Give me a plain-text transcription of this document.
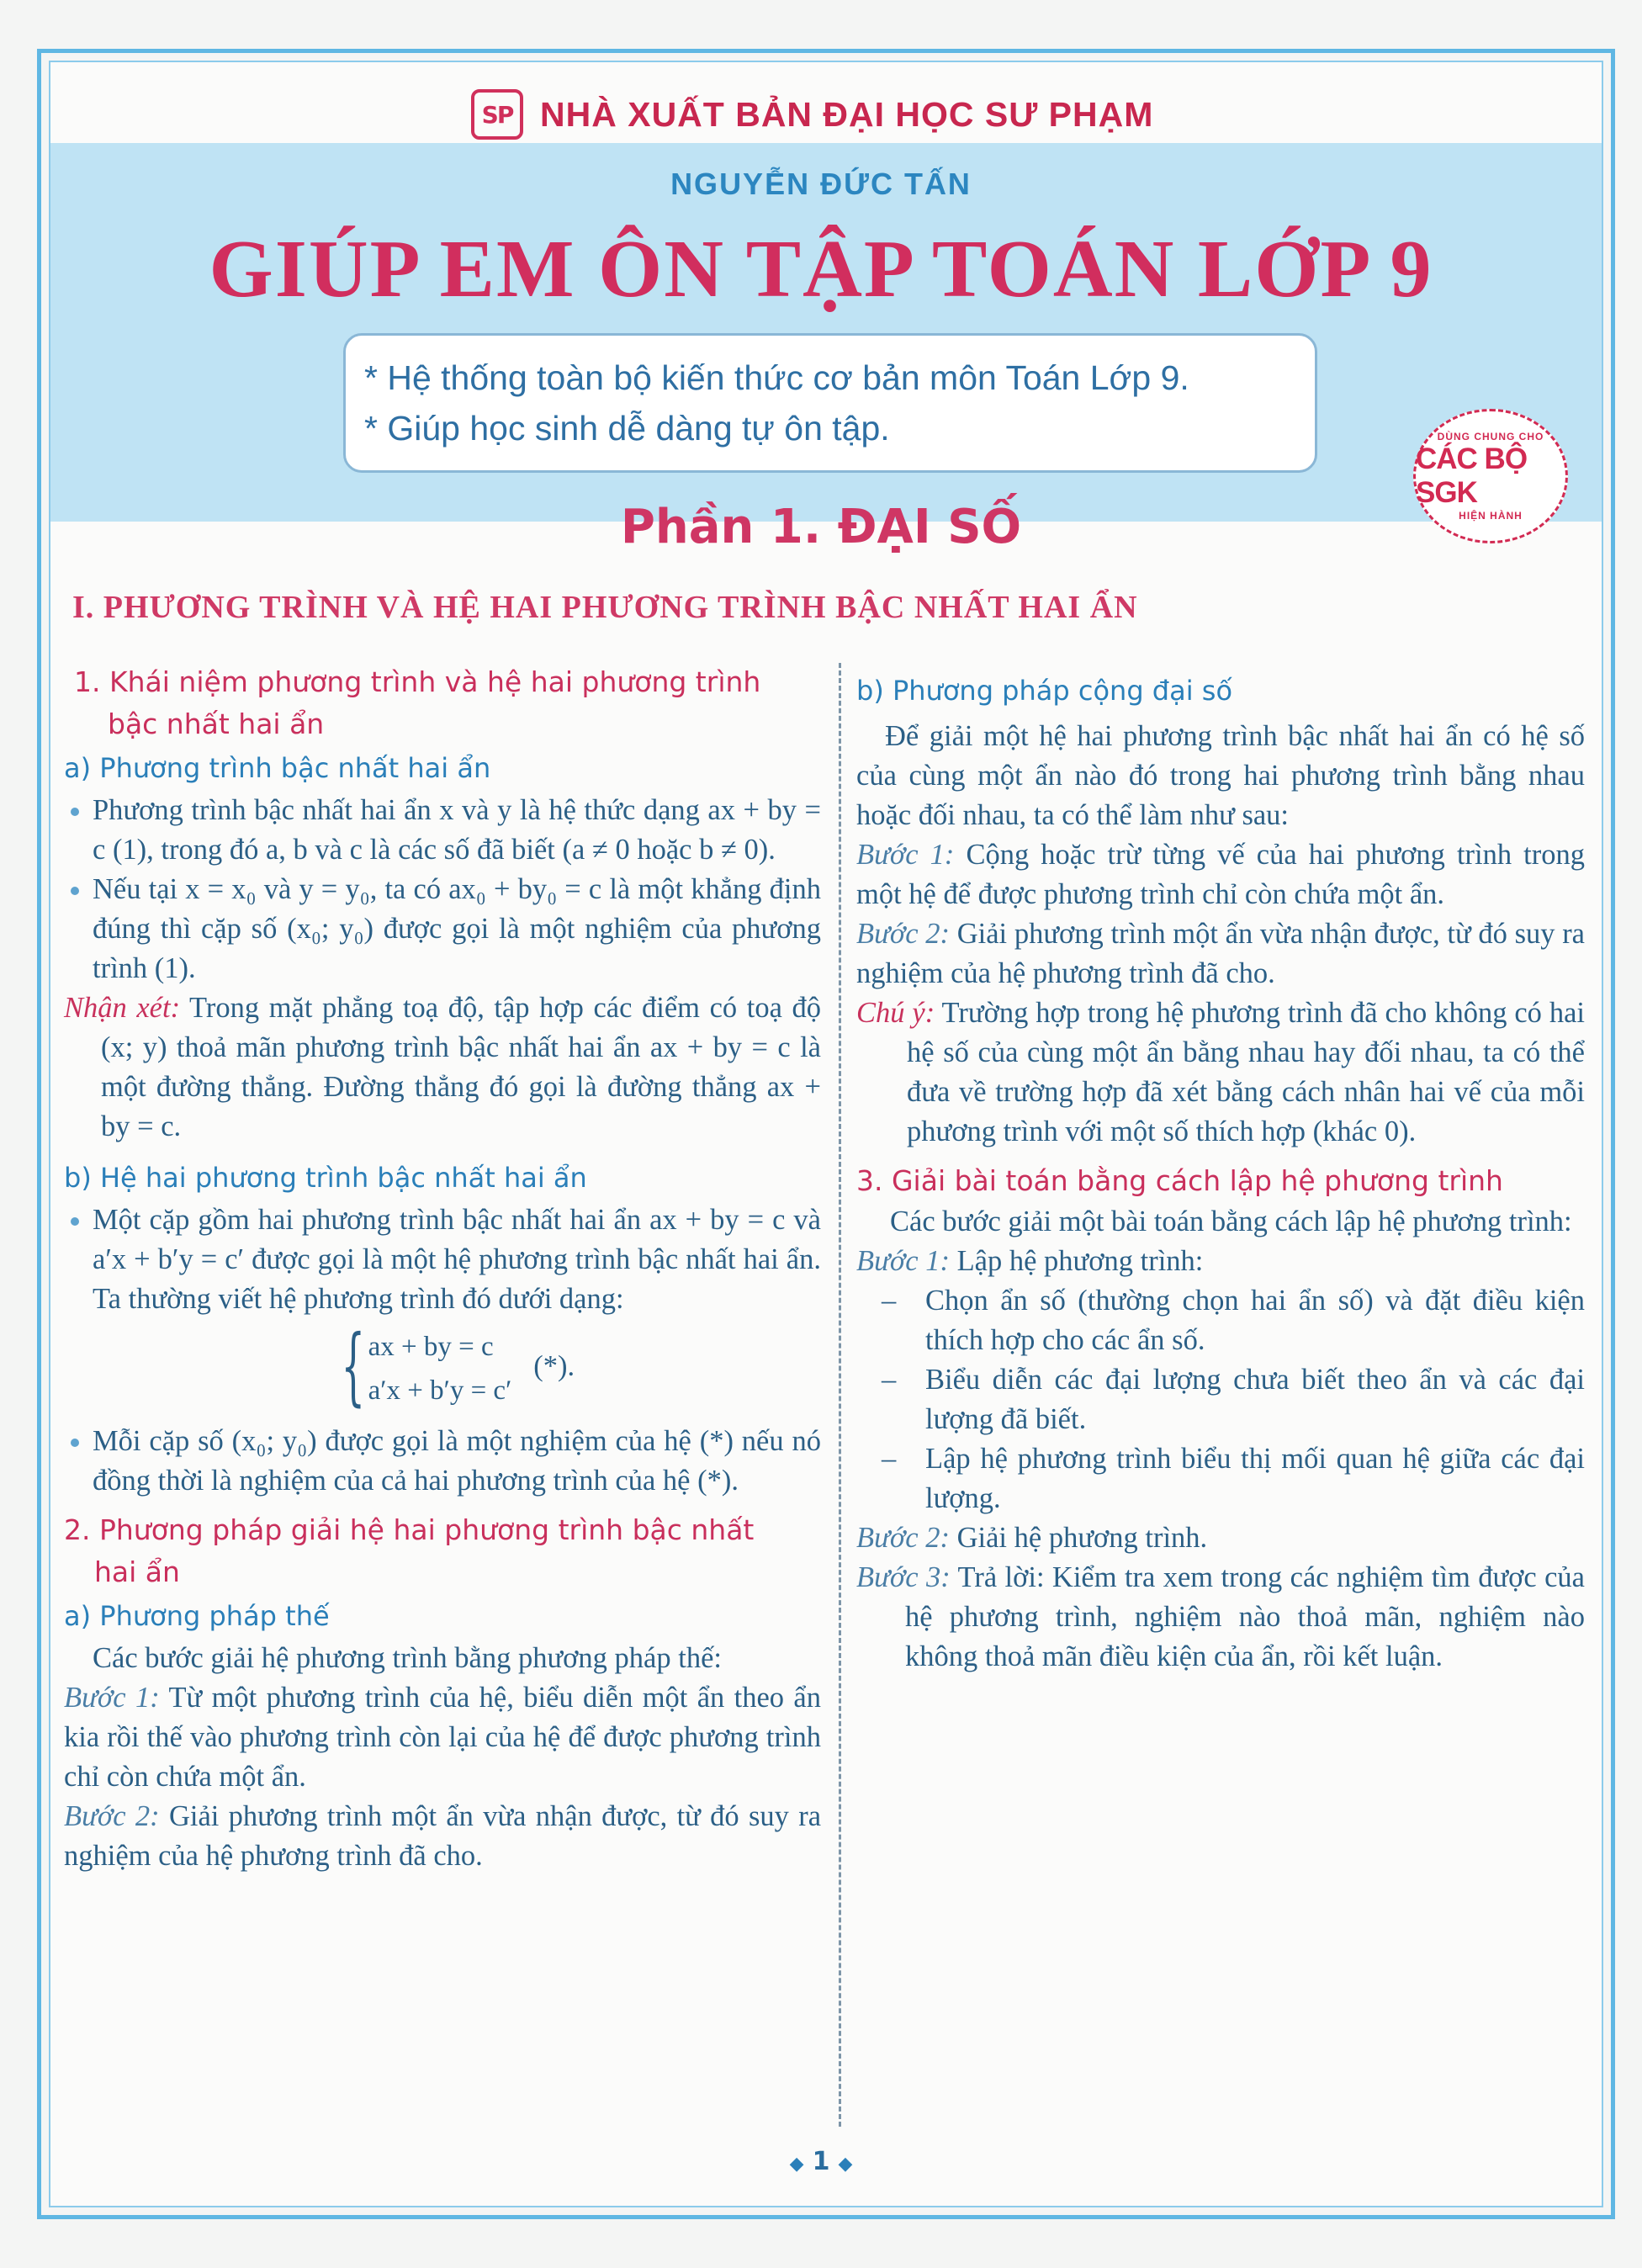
SP NHÀ XUẤT BẢN ĐẠI HỌC SƯ PHẠM
NGUYỄN ĐỨC TẤN
GIÚP EM ÔN TẬP TOÁN LỚP 9
* Hệ thống toàn bộ kiến thức cơ bản môn Toán Lớp 9.
* Giúp học sinh dễ dàng tự ôn tập.	DÙNG CHUNG CHO
CÁC BỘ SGK
HIỆN HÀNH
Phần 1. ĐẠI SỐ
I. PHƯƠNG TRÌNH VÀ HỆ HAI PHƯƠNG TRÌNH BẬC NHẤT HAI ẨN
1. Khái niệm phương trình và hệ hai phương trình
bậc nhất hai ẩn
a) Phương trình bậc nhất hai ẩn

Phương trình bậc nhất hai ẩn x và y là hệ thức dạng ax + by = c (1), trong đó a, b và c là các số đã biết (a ≠ 0 hoặc b ≠ 0).

Nếu tại x = x₀ và y = y₀, ta có ax₀ + by₀ = c là một khẳng định đúng thì cặp số (x₀; y₀) được gọi là một nghiệm của phương trình (1).

Nhận xét: Trong mặt phẳng toạ độ, tập hợp các điểm có toạ độ (x; y) thoả mãn phương trình bậc nhất hai ẩn ax + by = c là một đường thẳng. Đường thẳng đó gọi là đường thẳng ax + by = c.

b) Hệ hai phương trình bậc nhất hai ẩn

Một cặp gồm hai phương trình bậc nhất hai ẩn ax + by = c và a′x + b′y = c′ được gọi là một hệ phương trình bậc nhất hai ẩn. Ta thường viết hệ phương trình đó dưới dạng:

{ ax + by = c
a′x + b′y = c′
(*).

Mỗi cặp số (x₀; y₀) được gọi là một nghiệm của hệ (*) nếu nó đồng thời là nghiệm của cả hai phương trình của hệ (*).

2. Phương pháp giải hệ hai phương trình bậc nhất
hai ẩn
a) Phương pháp thế

Các bước giải hệ phương trình bằng phương pháp thế:

Bước 1: Từ một phương trình của hệ, biểu diễn một ẩn theo ẩn kia rồi thế vào phương trình còn lại của hệ để được phương trình chỉ còn chứa một ẩn.

Bước 2: Giải phương trình một ẩn vừa nhận được, từ đó suy ra nghiệm của hệ phương trình đã cho.

b) Phương pháp cộng đại số

Để giải một hệ hai phương trình bậc nhất hai ẩn có hệ số của cùng một ẩn nào đó trong hai phương trình bằng nhau hoặc đối nhau, ta có thể làm như sau:

Bước 1: Cộng hoặc trừ từng vế của hai phương trình trong một hệ để được phương trình chỉ còn chứa một ẩn.

Bước 2: Giải phương trình một ẩn vừa nhận được, từ đó suy ra nghiệm của hệ phương trình đã cho.

Chú ý: Trường hợp trong hệ phương trình đã cho không có hai hệ số của cùng một ẩn bằng nhau hay đối nhau, ta có thể đưa về trường hợp đã xét bằng cách nhân hai vế của mỗi phương trình với một số thích hợp (khác 0).

3. Giải bài toán bằng cách lập hệ phương trình

Các bước giải một bài toán bằng cách lập hệ phương trình:

Bước 1: Lập hệ phương trình:

– Chọn ẩn số (thường chọn hai ẩn số) và đặt điều kiện thích hợp cho các ẩn số.

– Biểu diễn các đại lượng chưa biết theo ẩn và các đại lượng đã biết.

– Lập hệ phương trình biểu thị mối quan hệ giữa các đại lượng.

Bước 2: Giải hệ phương trình.

Bước 3: Trả lời: Kiểm tra xem trong các nghiệm tìm được của hệ phương trình, nghiệm nào thoả mãn, nghiệm nào không thoả mãn điều kiện của ẩn, rồi kết luận.

◆ 1 ◆
